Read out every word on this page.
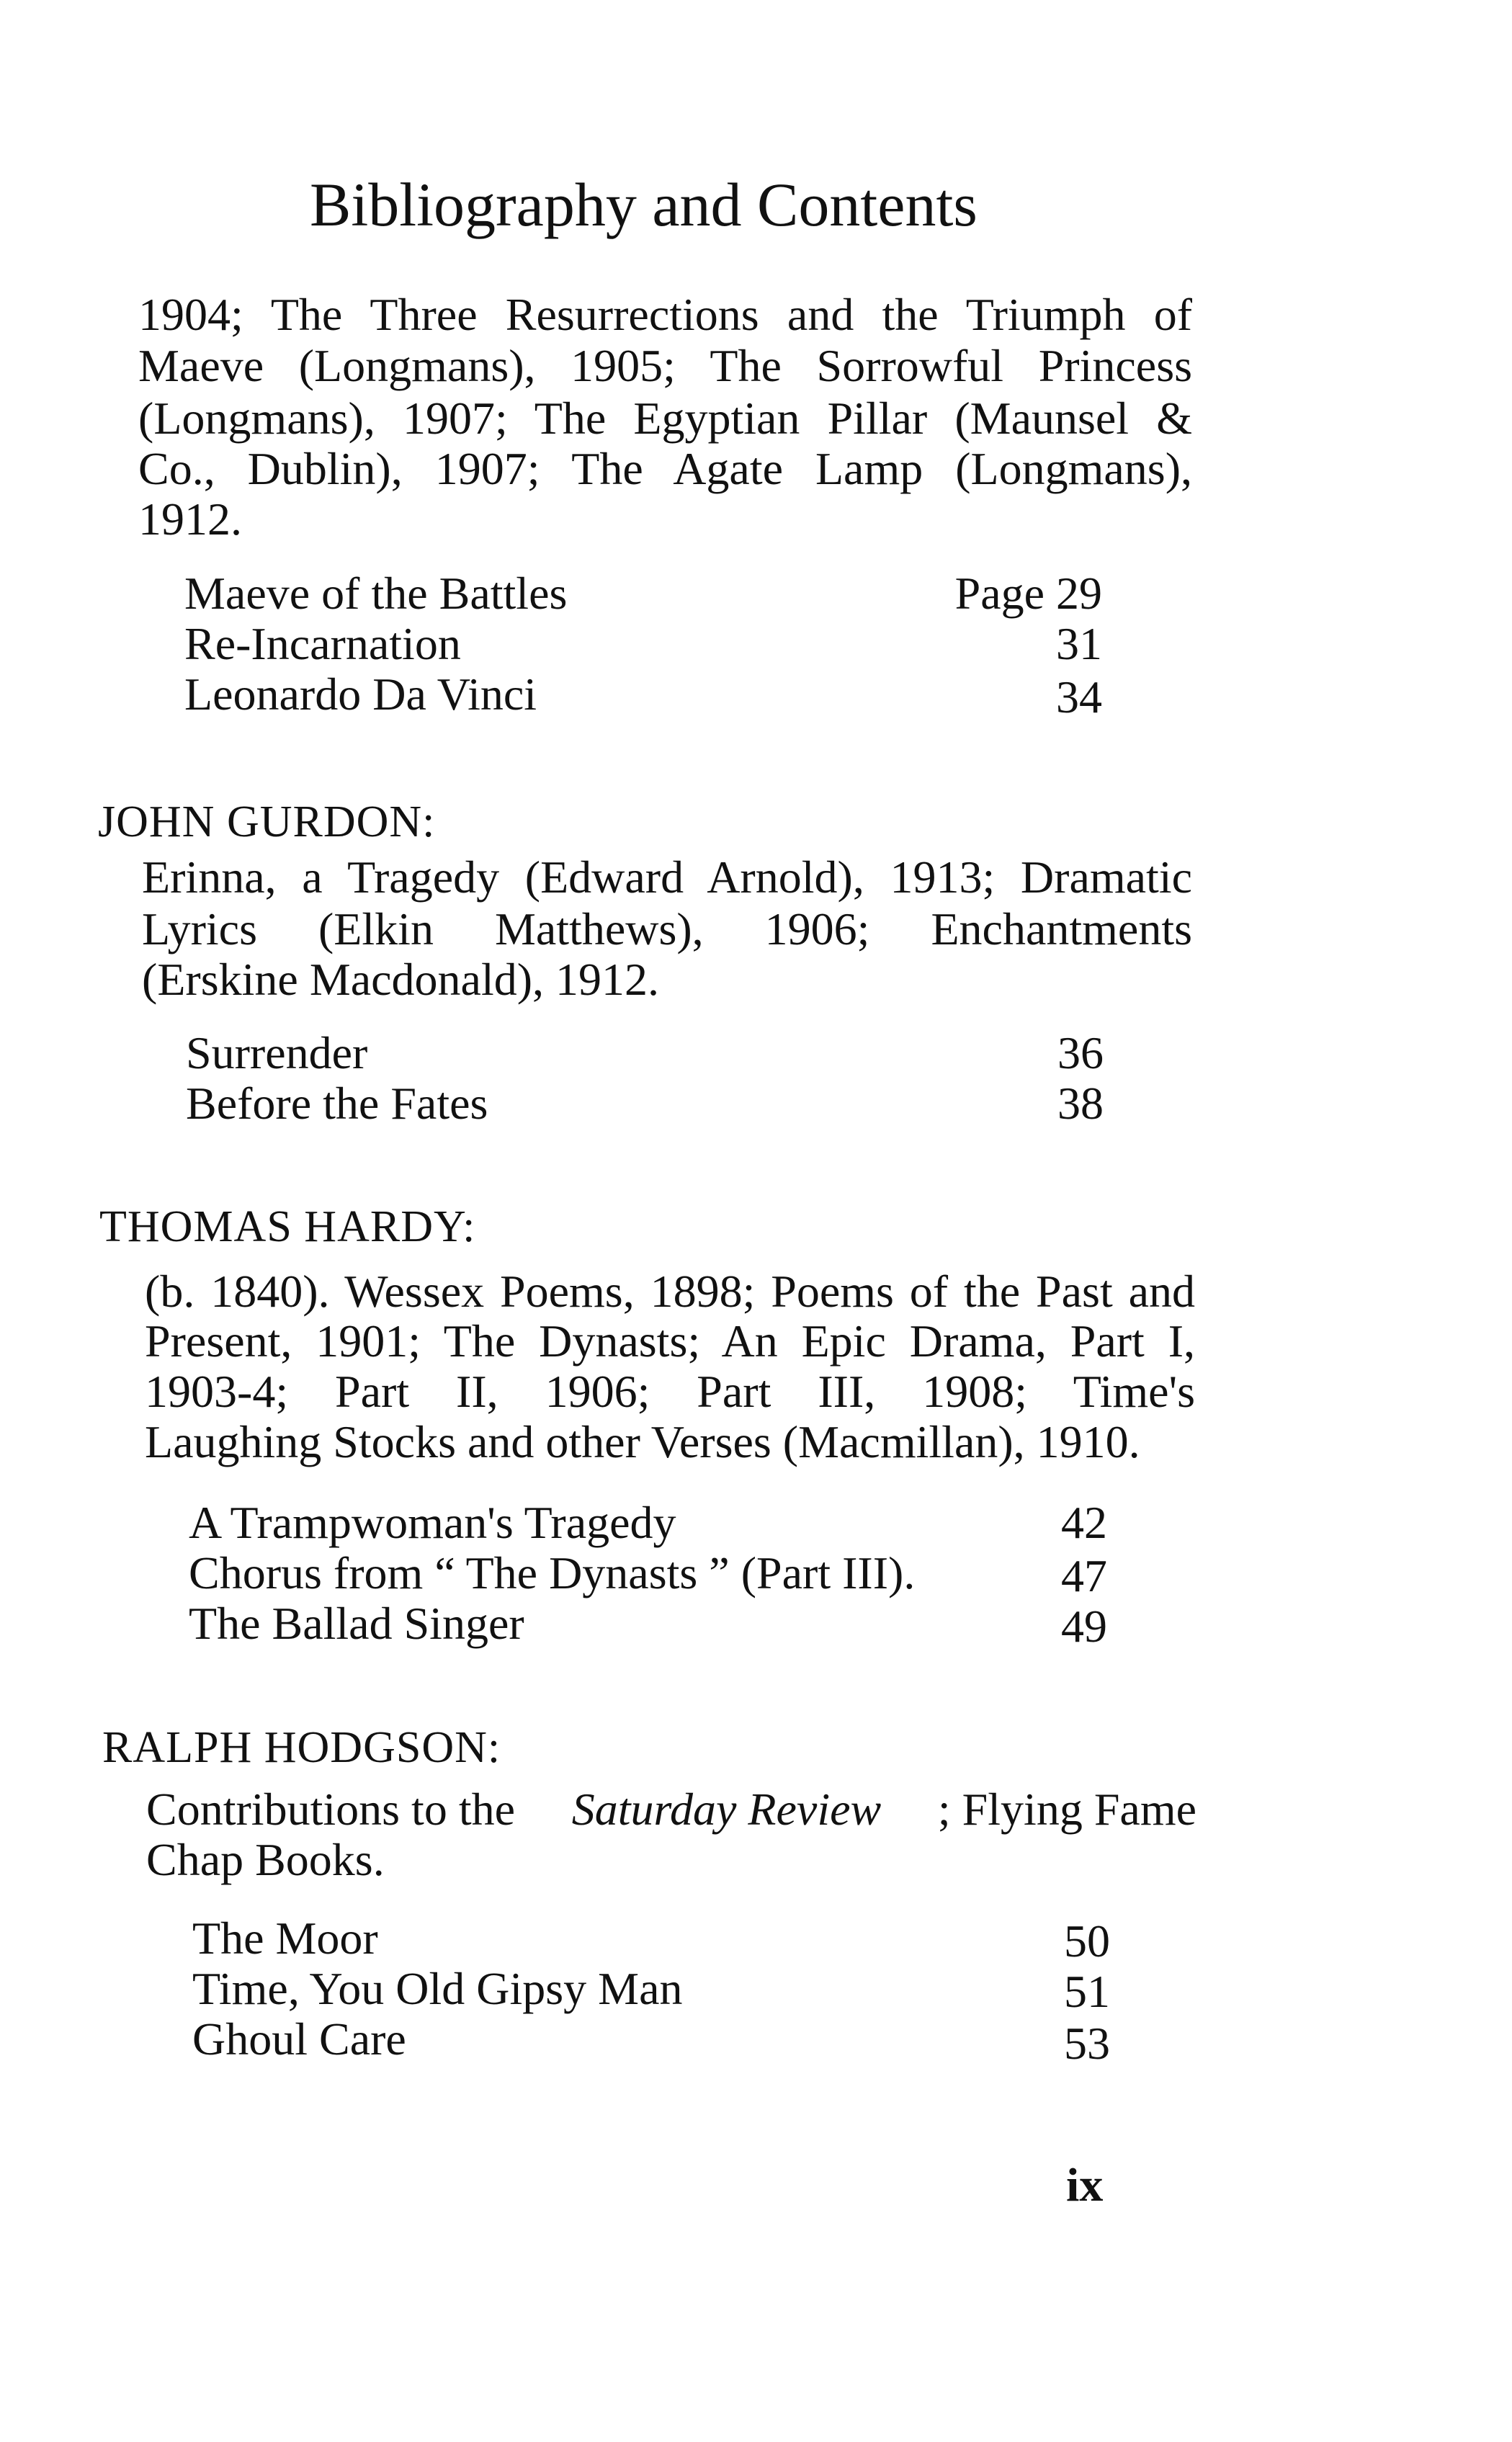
Bibliography and Contents
1904; The Three Resurrections and the Triumph of
Maeve (Longmans), 1905; The Sorrowful Princess
(Longmans), 1907; The Egyptian Pillar (Maunsel &
Co., Dublin), 1907; The Agate Lamp (Longmans),
1912.
Maeve of the Battles	Page 29
Re-Incarnation	31
Leonardo Da Vinci	34
JOHN GURDON:
Erinna, a Tragedy (Edward Arnold), 1913; Dramatic
Lyrics (Elkin Matthews), 1906; Enchantments
(Erskine Macdonald), 1912.
Surrender	36
Before the Fates	38
THOMAS HARDY:
(b. 1840). Wessex Poems, 1898; Poems of the Past and
Present, 1901; The Dynasts; An Epic Drama, Part I,
1903-4; Part II, 1906; Part III, 1908; Time's
Laughing Stocks and other Verses (Macmillan), 1910.
A Trampwoman's Tragedy	42
Chorus from “ The Dynasts ” (Part III).	47
The Ballad Singer	49
RALPH HODGSON:
Contributions to the Saturday Review ; Flying Fame
Chap Books.
The Moor	50
Time, You Old Gipsy Man	51
Ghoul Care	53
ix
